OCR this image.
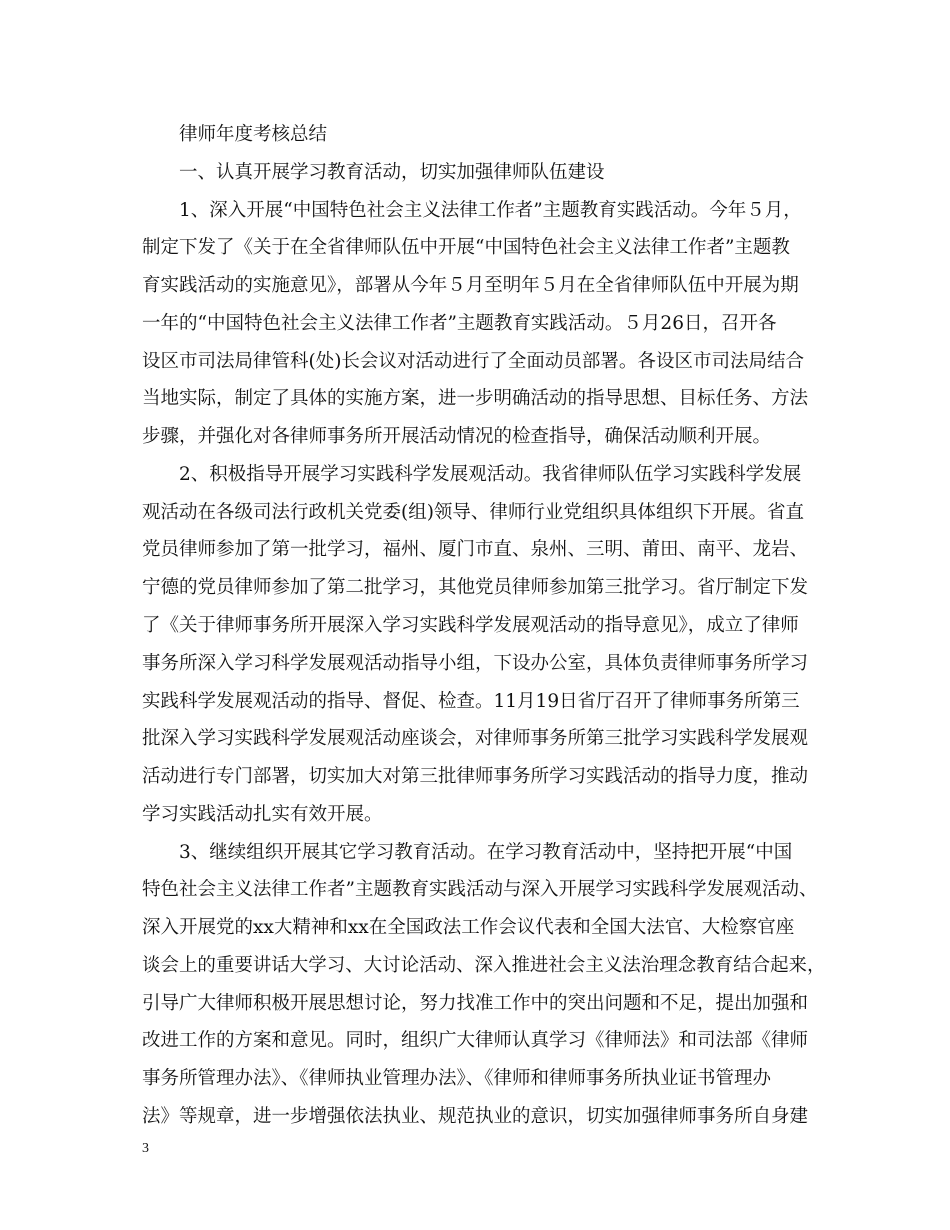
律师年度考核总结
一、认真开展学习教育活动，切实加强律师队伍建设
1、深入开展“中国特色社会主义法律工作者”主题教育实践活动。今年５月，
制定下发了《关于在全省律师队伍中开展“中国特色社会主义法律工作者”主题教
育实践活动的实施意见》，部署从今年５月至明年５月在全省律师队伍中开展为期
一年的“中国特色社会主义法律工作者”主题教育实践活动。５月26日，召开各
设区市司法局律管科(处)长会议对活动进行了全面动员部署。各设区市司法局结合
当地实际，制定了具体的实施方案，进一步明确活动的指导思想、目标任务、方法
步骤，并强化对各律师事务所开展活动情况的检查指导，确保活动顺利开展。
2、积极指导开展学习实践科学发展观活动。我省律师队伍学习实践科学发展
观活动在各级司法行政机关党委(组)领导、律师行业党组织具体组织下开展。省直
党员律师参加了第一批学习，福州、厦门市直、泉州、三明、莆田、南平、龙岩、
宁德的党员律师参加了第二批学习，其他党员律师参加第三批学习。省厅制定下发
了《关于律师事务所开展深入学习实践科学发展观活动的指导意见》，成立了律师
事务所深入学习科学发展观活动指导小组，下设办公室，具体负责律师事务所学习
实践科学发展观活动的指导、督促、检查。11月19日省厅召开了律师事务所第三
批深入学习实践科学发展观活动座谈会，对律师事务所第三批学习实践科学发展观
活动进行专门部署，切实加大对第三批律师事务所学习实践活动的指导力度，推动
学习实践活动扎实有效开展。
3、继续组织开展其它学习教育活动。在学习教育活动中，坚持把开展“中国
特色社会主义法律工作者”主题教育实践活动与深入开展学习实践科学发展观活动、
深入开展党的xx大精神和xx在全国政法工作会议代表和全国大法官、大检察官座
谈会上的重要讲话大学习、大讨论活动、深入推进社会主义法治理念教育结合起来，
引导广大律师积极开展思想讨论，努力找准工作中的突出问题和不足，提出加强和
改进工作的方案和意见。同时，组织广大律师认真学习《律师法》和司法部《律师
事务所管理办法》、《律师执业管理办法》、《律师和律师事务所执业证书管理办
法》等规章，进一步增强依法执业、规范执业的意识，切实加强律师事务所自身建
3
